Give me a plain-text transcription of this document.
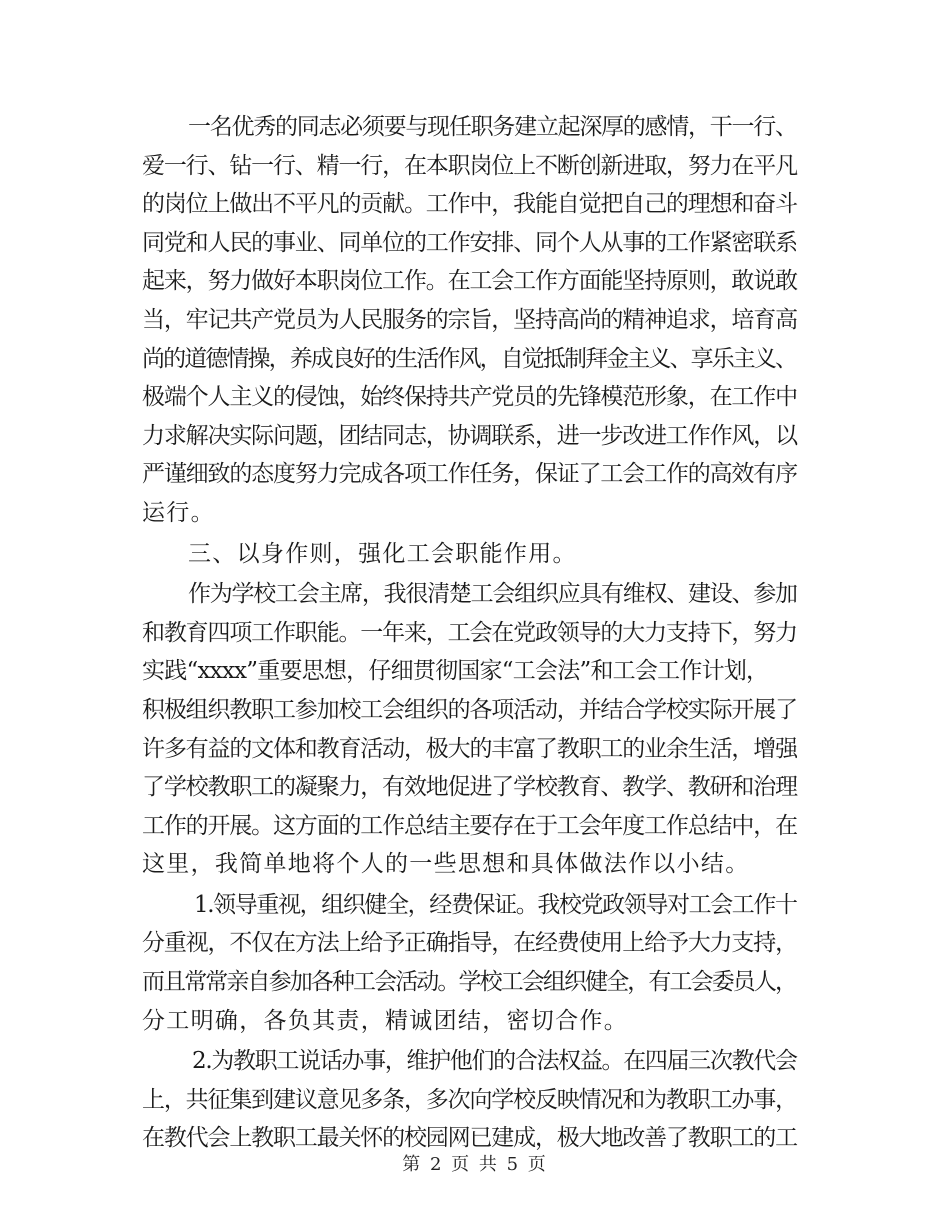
一名优秀的同志必须要与现任职务建立起深厚的感情，干一行、
爱一行、钻一行、精一行，在本职岗位上不断创新进取，努力在平凡
的岗位上做出不平凡的贡献。工作中，我能自觉把自己的理想和奋斗
同党和人民的事业、同单位的工作安排、同个人从事的工作紧密联系
起来，努力做好本职岗位工作。在工会工作方面能坚持原则，敢说敢
当，牢记共产党员为人民服务的宗旨，坚持高尚的精神追求，培育高
尚的道德情操，养成良好的生活作风，自觉抵制拜金主义、享乐主义、
极端个人主义的侵蚀，始终保持共产党员的先锋模范形象，在工作中
力求解决实际问题，团结同志，协调联系，进一步改进工作作风，以
严谨细致的态度努力完成各项工作任务，保证了工会工作的高效有序
运行。
三、以身作则，强化工会职能作用。
作为学校工会主席，我很清楚工会组织应具有维权、建设、参加
和教育四项工作职能。一年来，工会在党政领导的大力支持下，努力
实践“xxxx”重要思想，仔细贯彻国家“工会法”和工会工作计划，
积极组织教职工参加校工会组织的各项活动，并结合学校实际开展了
许多有益的文体和教育活动，极大的丰富了教职工的业余生活，增强
了学校教职工的凝聚力，有效地促进了学校教育、教学、教研和治理
工作的开展。这方面的工作总结主要存在于工会年度工作总结中，在
这里，我简单地将个人的一些思想和具体做法作以小结。
1.领导重视，组织健全，经费保证。我校党政领导对工会工作十
分重视，不仅在方法上给予正确指导，在经费使用上给予大力支持，
而且常常亲自参加各种工会活动。学校工会组织健全，有工会委员人，
分工明确，各负其责，精诚团结，密切合作。
2.为教职工说话办事，维护他们的合法权益。在四届三次教代会
上，共征集到建议意见多条，多次向学校反映情况和为教职工办事，
在教代会上教职工最关怀的校园网已建成，极大地改善了教职工的工
第 2 页 共 5 页
